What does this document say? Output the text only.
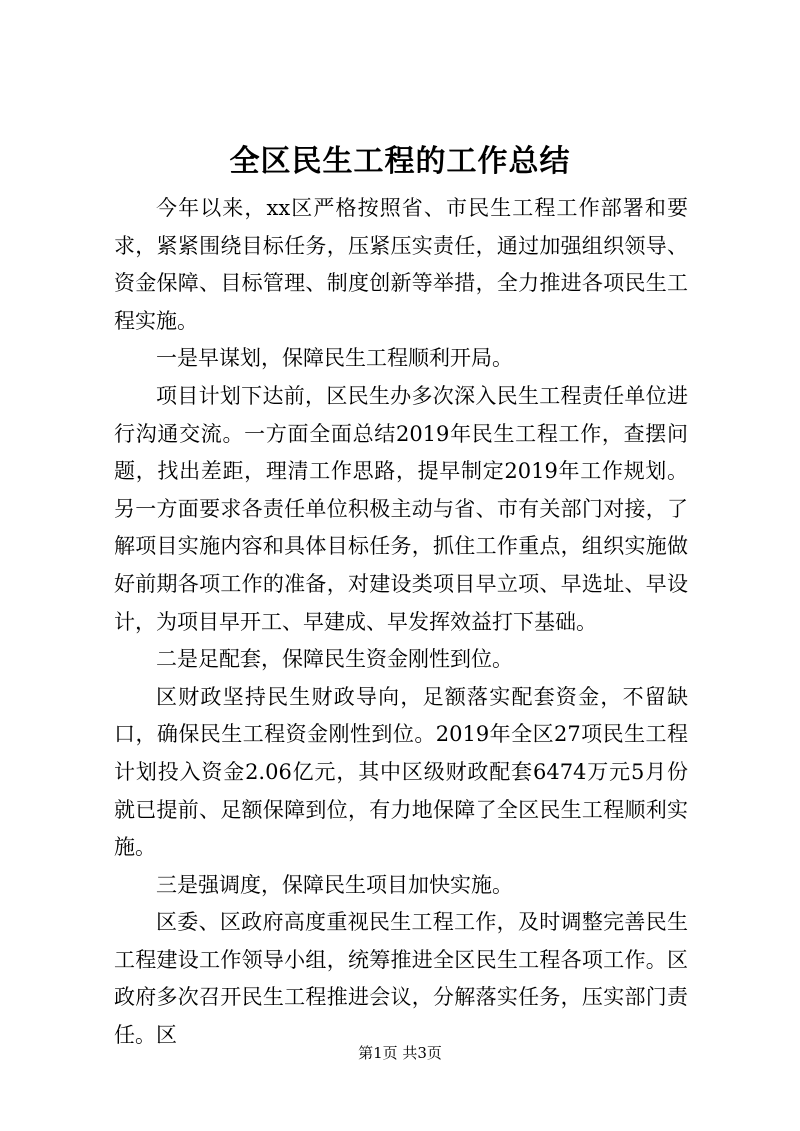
全区民生工程的工作总结

今年以来，xx区严格按照省、市民生工程工作部署和要求，紧紧围绕目标任务，压紧压实责任，通过加强组织领导、资金保障、目标管理、制度创新等举措，全力推进各项民生工程实施。

一是早谋划，保障民生工程顺利开局。

项目计划下达前，区民生办多次深入民生工程责任单位进行沟通交流。一方面全面总结2019年民生工程工作，查摆问题，找出差距，理清工作思路，提早制定2019年工作规划。另一方面要求各责任单位积极主动与省、市有关部门对接，了解项目实施内容和具体目标任务，抓住工作重点，组织实施做好前期各项工作的准备，对建设类项目早立项、早选址、早设计，为项目早开工、早建成、早发挥效益打下基础。

二是足配套，保障民生资金刚性到位。

区财政坚持民生财政导向，足额落实配套资金，不留缺口，确保民生工程资金刚性到位。2019年全区27项民生工程计划投入资金2.06亿元，其中区级财政配套6474万元5月份就已提前、足额保障到位，有力地保障了全区民生工程顺利实施。

三是强调度，保障民生项目加快实施。

区委、区政府高度重视民生工程工作，及时调整完善民生工程建设工作领导小组，统筹推进全区民生工程各项工作。区政府多次召开民生工程推进会议，分解落实任务，压实部门责任。区

第1页 共3页
